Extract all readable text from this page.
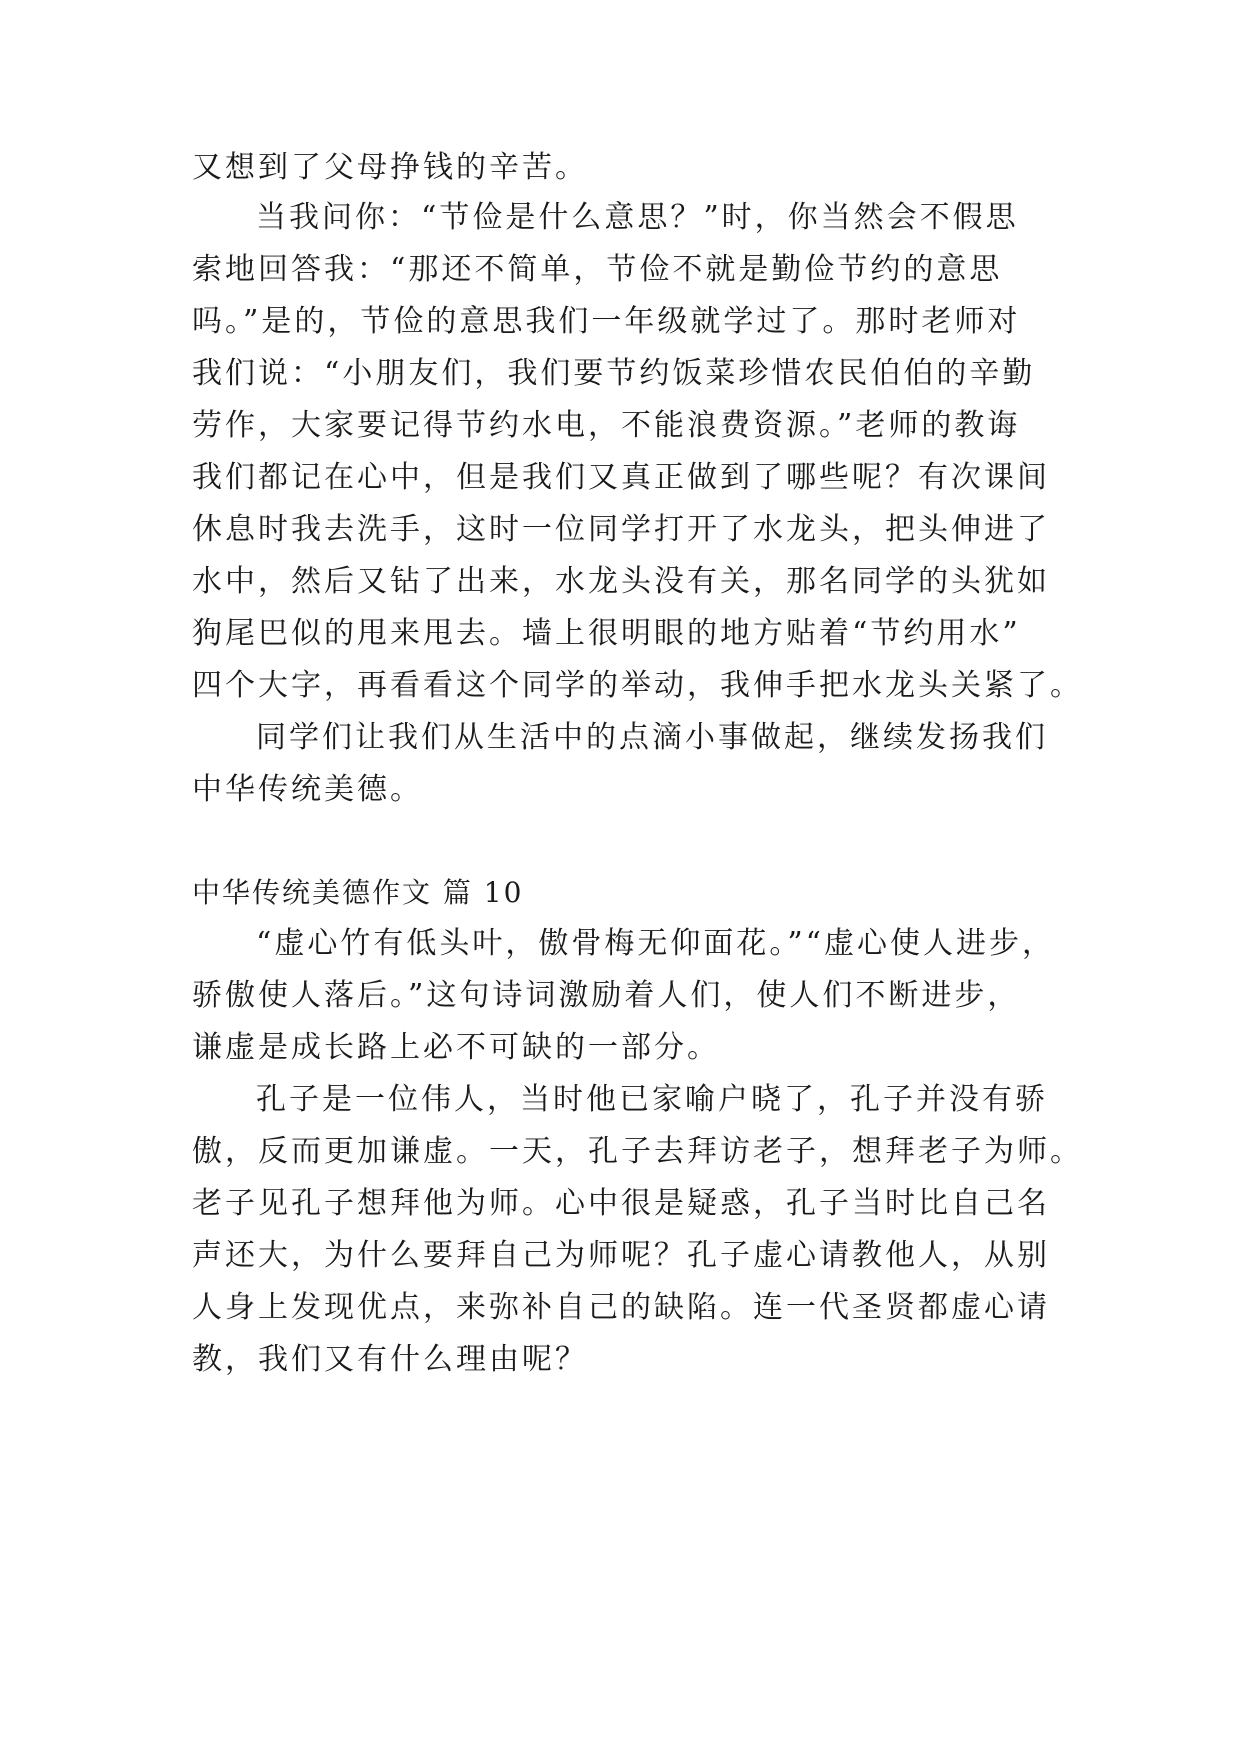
又想到了父母挣钱的辛苦。
当我问你：“节俭是什么意思？”时，你当然会不假思
索地回答我：“那还不简单，节俭不就是勤俭节约的意思
吗。”是的，节俭的意思我们一年级就学过了。那时老师对
我们说：“小朋友们，我们要节约饭菜珍惜农民伯伯的辛勤
劳作，大家要记得节约水电，不能浪费资源。”老师的教诲
我们都记在心中，但是我们又真正做到了哪些呢？有次课间
休息时我去洗手，这时一位同学打开了水龙头，把头伸进了
水中，然后又钻了出来，水龙头没有关，那名同学的头犹如
狗尾巴似的甩来甩去。墙上很明眼的地方贴着“节约用水”
四个大字，再看看这个同学的举动，我伸手把水龙头关紧了。
同学们让我们从生活中的点滴小事做起，继续发扬我们
中华传统美德。
中华传统美德作文 篇 10
“虚心竹有低头叶，傲骨梅无仰面花。”“虚心使人进步，
骄傲使人落后。”这句诗词激励着人们，使人们不断进步，
谦虚是成长路上必不可缺的一部分。
孔子是一位伟人，当时他已家喻户晓了，孔子并没有骄
傲，反而更加谦虚。一天，孔子去拜访老子，想拜老子为师。
老子见孔子想拜他为师。心中很是疑惑，孔子当时比自己名
声还大，为什么要拜自己为师呢？孔子虚心请教他人，从别
人身上发现优点，来弥补自己的缺陷。连一代圣贤都虚心请
教，我们又有什么理由呢？
